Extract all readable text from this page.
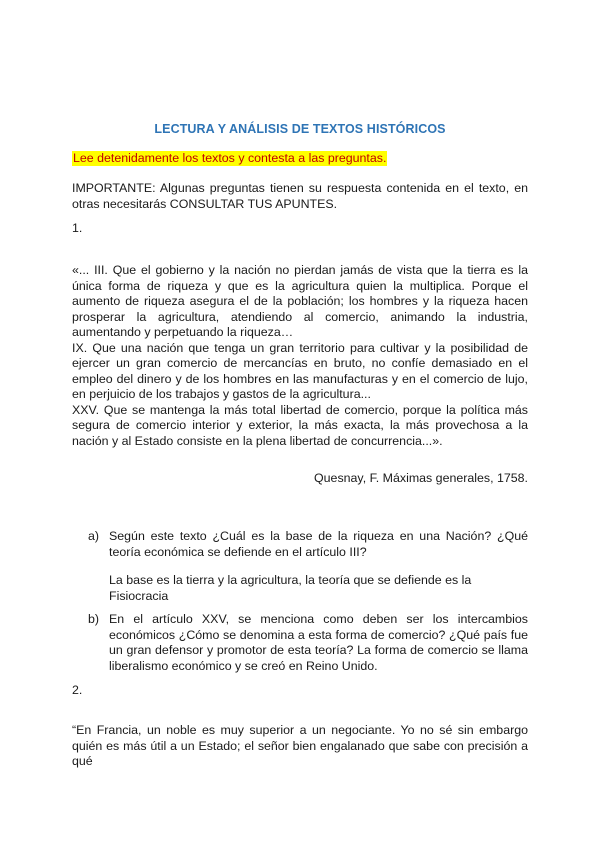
LECTURA Y ANÁLISIS DE TEXTOS HISTÓRICOS
Lee detenidamente los textos y contesta a las preguntas.

IMPORTANTE: Algunas preguntas tienen su respuesta contenida en el texto, en otras necesitarás CONSULTAR TUS APUNTES.

1.

«... III. Que el gobierno y la nación no pierdan jamás de vista que la tierra es la única forma de riqueza y que es la agricultura quien la multiplica. Porque el aumento de riqueza asegura el de la población; los hombres y la riqueza hacen prosperar la agricultura, atendiendo al comercio, animando la industria, aumentando y perpetuando la riqueza…

IX. Que una nación que tenga un gran territorio para cultivar y la posibilidad de ejercer un gran comercio de mercancías en bruto, no confíe demasiado en el empleo del dinero y de los hombres en las manufacturas y en el comercio de lujo, en perjuicio de los trabajos y gastos de la agricultura...

XXV. Que se mantenga la más total libertad de comercio, porque la política más segura de comercio interior y exterior, la más exacta, la más provechosa a la nación y al Estado consiste en la plena libertad de concurrencia...».

Quesnay, F. Máximas generales, 1758.
a) Según este texto ¿Cuál es la base de la riqueza en una Nación? ¿Qué teoría económica se defiende en el artículo III?
La base es la tierra y la agricultura, la teoría que se defiende es la Fisiocracia
b) En el artículo XXV, se menciona como deben ser los intercambios económicos ¿Cómo se denomina a esta forma de comercio? ¿Qué país fue un gran defensor y promotor de esta teoría? La forma de comercio se llama liberalismo económico y se creó en Reino Unido.
2.

“En Francia, un noble es muy superior a un negociante. Yo no sé sin embargo quién es más útil a un Estado; el señor bien engalanado que sabe con precisión a qué
